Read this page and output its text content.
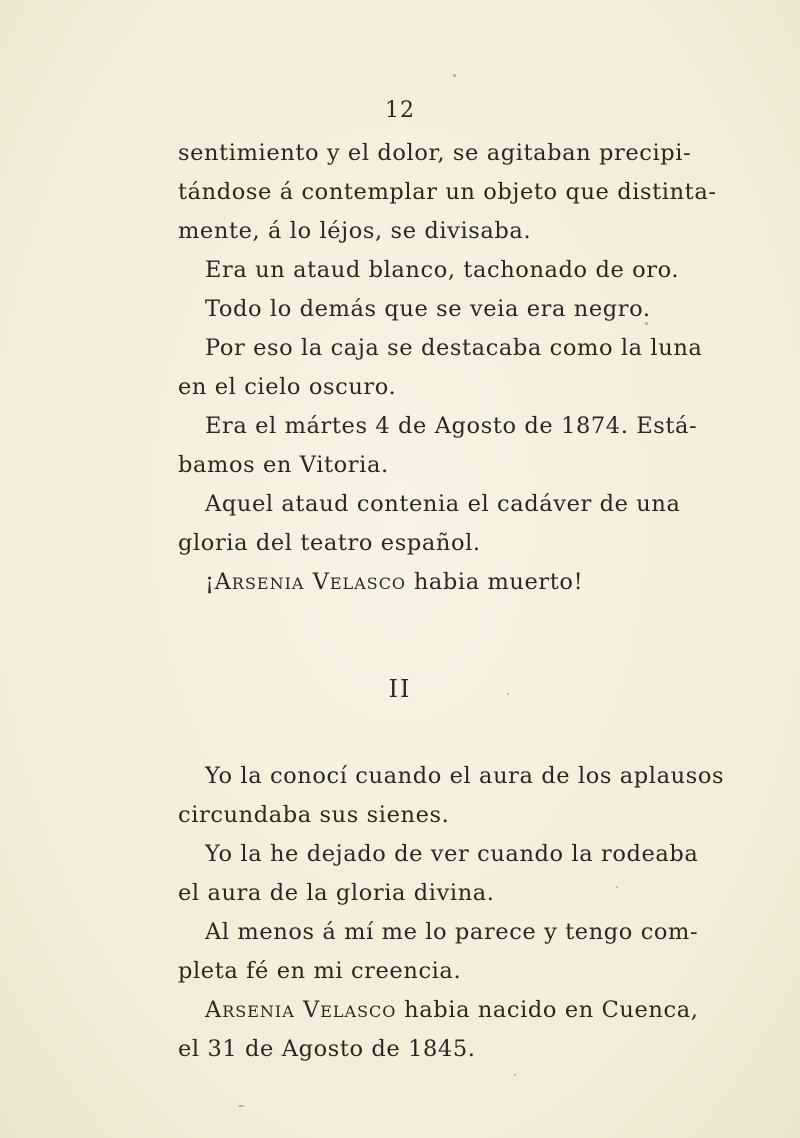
12

sentimiento y el dolor, se agitaban precipi-

tándose á contemplar un objeto que distinta-

mente, á lo léjos, se divisaba.

Era un ataud blanco, tachonado de oro.

Todo lo demás que se veia era negro.

Por eso la caja se destacaba como la luna

en el cielo oscuro.

Era el mártes 4 de Agosto de 1874. Está-

bamos en Vitoria.

Aquel ataud contenia el cadáver de una

gloria del teatro español.

¡Arsenia Velasco habia muerto!

II

Yo la conocí cuando el aura de los aplausos

circundaba sus sienes.

Yo la he dejado de ver cuando la rodeaba

el aura de la gloria divina.

Al menos á mí me lo parece y tengo com-

pleta fé en mi creencia.

Arsenia Velasco habia nacido en Cuenca,

el 31 de Agosto de 1845.
